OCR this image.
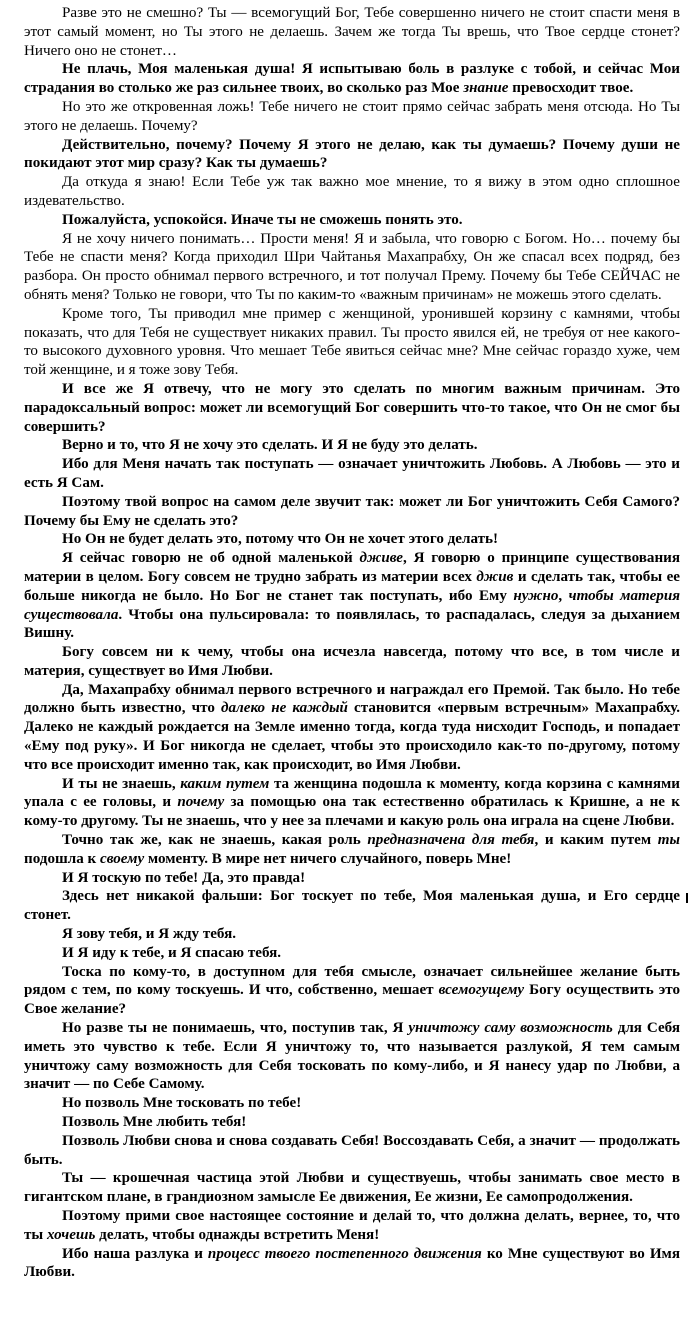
Разве это не смешно? Ты — всемогущий Бог, Тебе совершенно ничего не стоит спасти меня в этот самый момент, но Ты этого не делаешь. Зачем же тогда Ты врешь, что Твое сердце стонет? Ничего оно не стонет…

Не плачь, Моя маленькая душа! Я испытываю боль в разлуке с тобой, и сейчас Мои страдания во столько же раз сильнее твоих, во сколько раз Мое знание превосходит твое.

Но это же откровенная ложь! Тебе ничего не стоит прямо сейчас забрать меня отсюда. Но Ты этого не делаешь. Почему?

Действительно, почему? Почему Я этого не делаю, как ты думаешь? Почему души не покидают этот мир сразу? Как ты думаешь?

Да откуда я знаю! Если Тебе уж так важно мое мнение, то я вижу в этом одно сплошное издевательство.

Пожалуйста, успокойся. Иначе ты не сможешь понять это.

Я не хочу ничего понимать… Прости меня! Я и забыла, что говорю с Богом. Но… почему бы Тебе не спасти меня? Когда приходил Шри Чайтанья Махапрабху, Он же спасал всех подряд, без разбора. Он просто обнимал первого встречного, и тот получал Прему. Почему бы Тебе СЕЙЧАС не обнять меня? Только не говори, что Ты по каким-то «важным причинам» не можешь этого сделать.

Кроме того, Ты приводил мне пример с женщиной, уронившей корзину с камнями, чтобы показать, что для Тебя не существует никаких правил. Ты просто явился ей, не требуя от нее какого-то высокого духовного уровня. Что мешает Тебе явиться сейчас мне? Мне сейчас гораздо хуже, чем той женщине, и я тоже зову Тебя.

И все же Я отвечу, что не могу это сделать по многим важным причинам. Это парадоксальный вопрос: может ли всемогущий Бог совершить что-то такое, что Он не смог бы совершить?

Верно и то, что Я не хочу это сделать. И Я не буду это делать.

Ибо для Меня начать так поступать — означает уничтожить Любовь. А Любовь — это и есть Я Сам.

Поэтому твой вопрос на самом деле звучит так: может ли Бог уничтожить Себя Самого? Почему бы Ему не сделать это?

Но Он не будет делать это, потому что Он не хочет этого делать!

Я сейчас говорю не об одной маленькой дживе, Я говорю о принципе существования материи в целом. Богу совсем не трудно забрать из материи всех джив и сделать так, чтобы ее больше никогда не было. Но Бог не станет так поступать, ибо Ему нужно, чтобы материя существовала. Чтобы она пульсировала: то появлялась, то распадалась, следуя за дыханием Вишну.

Богу совсем ни к чему, чтобы она исчезла навсегда, потому что все, в том числе и материя, существует во Имя Любви.

Да, Махапрабху обнимал первого встречного и награждал его Премой. Так было. Но тебе должно быть известно, что далеко не каждый становится «первым встречным» Махапрабху. Далеко не каждый рождается на Земле именно тогда, когда туда нисходит Господь, и попадает «Ему под руку». И Бог никогда не сделает, чтобы это происходило как-то по-другому, потому что все происходит именно так, как происходит, во Имя Любви.

И ты не знаешь, каким путем та женщина подошла к моменту, когда корзина с камнями упала с ее головы, и почему за помощью она так естественно обратилась к Кришне, а не к кому-то другому. Ты не знаешь, что у нее за плечами и какую роль она играла на сцене Любви.

Точно так же, как не знаешь, какая роль предназначена для тебя, и каким путем ты подошла к своему моменту. В мире нет ничего случайного, поверь Мне!

И Я тоскую по тебе! Да, это правда!

Здесь нет никакой фальши: Бог тоскует по тебе, Моя маленькая душа, и Его сердце стонет.

Я зову тебя, и Я жду тебя.

И Я иду к тебе, и Я спасаю тебя.

Тоска по кому-то, в доступном для тебя смысле, означает сильнейшее желание быть рядом с тем, по кому тоскуешь. И что, собственно, мешает всемогущему Богу осуществить это Свое желание?

Но разве ты не понимаешь, что, поступив так, Я уничтожу саму возможность для Себя иметь это чувство к тебе. Если Я уничтожу то, что называется разлукой, Я тем самым уничтожу саму возможность для Себя тосковать по кому-либо, и Я нанесу удар по Любви, а значит — по Себе Самому.

Но позволь Мне тосковать по тебе!

Позволь Мне любить тебя!

Позволь Любви снова и снова создавать Себя! Воссоздавать Себя, а значит — продолжать быть.

Ты — крошечная частица этой Любви и существуешь, чтобы занимать свое место в гигантском плане, в грандиозном замысле Ее движения, Ее жизни, Ее самопродолжения.

Поэтому прими свое настоящее состояние и делай то, что должна делать, вернее, то, что ты хочешь делать, чтобы однажды встретить Меня!

Ибо наша разлука и процесс твоего постепенного движения ко Мне существуют во Имя Любви.
